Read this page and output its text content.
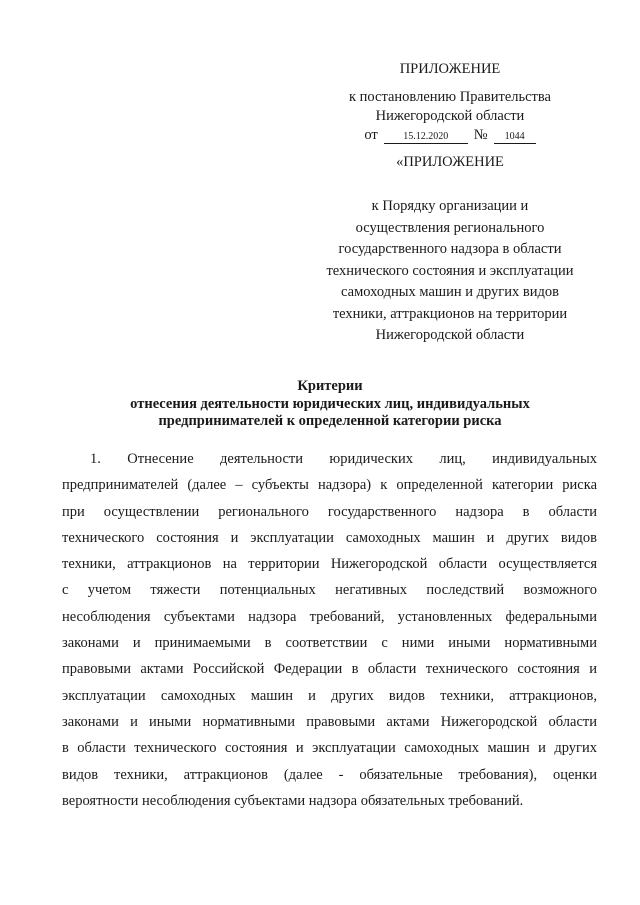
ПРИЛОЖЕНИЕ
к постановлению Правительства
Нижегородской области
от	15.12.2020	№	1044
«ПРИЛОЖЕНИЕ
к Порядку организации и
осуществления регионального
государственного надзора в области
технического состояния и эксплуатации
самоходных машин и других видов
техники, аттракционов на территории
Нижегородской области
Критерии
отнесения деятельности юридических лиц, индивидуальных
предпринимателей к определенной категории риска
1. Отнесение деятельности юридических лиц, индивидуальных
предпринимателей (далее – субъекты надзора) к определенной категории риска
при осуществлении регионального государственного надзора в области
технического состояния и эксплуатации самоходных машин и других видов
техники, аттракционов на территории Нижегородской области осуществляется
с учетом тяжести потенциальных негативных последствий возможного
несоблюдения субъектами надзора требований, установленных федеральными
законами и принимаемыми в соответствии с ними иными нормативными
правовыми актами Российской Федерации в области технического состояния и
эксплуатации самоходных машин и других видов техники, аттракционов,
законами и иными нормативными правовыми актами Нижегородской области
в области технического состояния и эксплуатации самоходных машин и других
видов техники, аттракционов (далее - обязательные требования), оценки
вероятности несоблюдения субъектами надзора обязательных требований.
